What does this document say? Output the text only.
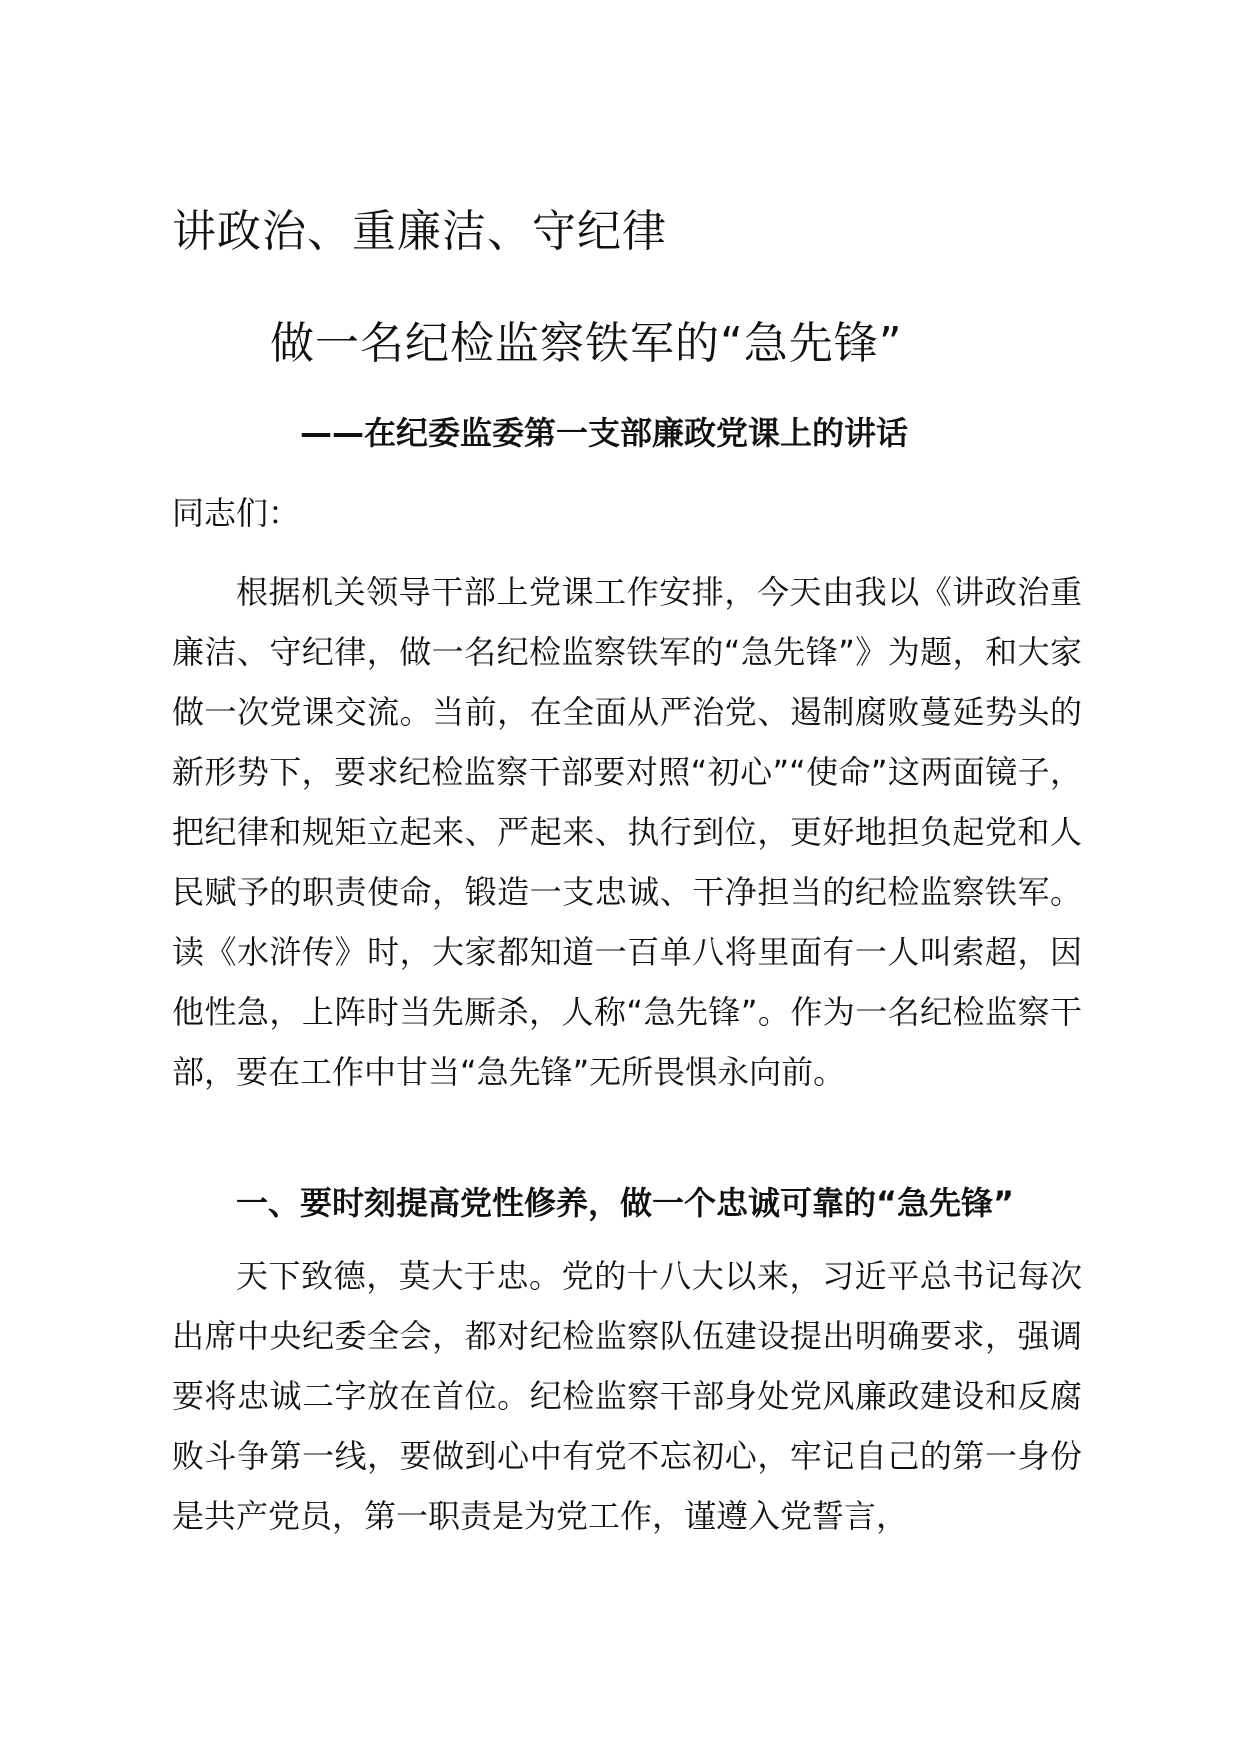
讲政治、重廉洁、守纪律
做一名纪检监察铁军的“急先锋”
——在纪委监委第一支部廉政党课上的讲话
同志们：

根据机关领导干部上党课工作安排，今天由我以《讲政治重廉洁、守纪律，做一名纪检监察铁军的“急先锋”》为题，和大家做一次党课交流。当前，在全面从严治党、遏制腐败蔓延势头的新形势下，要求纪检监察干部要对照“初心”“使命”这两面镜子，把纪律和规矩立起来、严起来、执行到位，更好地担负起党和人民赋予的职责使命，锻造一支忠诚、干净担当的纪检监察铁军。读《水浒传》时，大家都知道一百单八将里面有一人叫索超，因他性急，上阵时当先厮杀，人称“急先锋”。作为一名纪检监察干部，要在工作中甘当“急先锋”无所畏惧永向前。

一、要时刻提高党性修养，做一个忠诚可靠的“急先锋”

天下致德，莫大于忠。党的十八大以来，习近平总书记每次出席中央纪委全会，都对纪检监察队伍建设提出明确要求，强调要将忠诚二字放在首位。纪检监察干部身处党风廉政建设和反腐败斗争第一线，要做到心中有党不忘初心，牢记自己的第一身份是共产党员，第一职责是为党工作，谨遵入党誓言，
